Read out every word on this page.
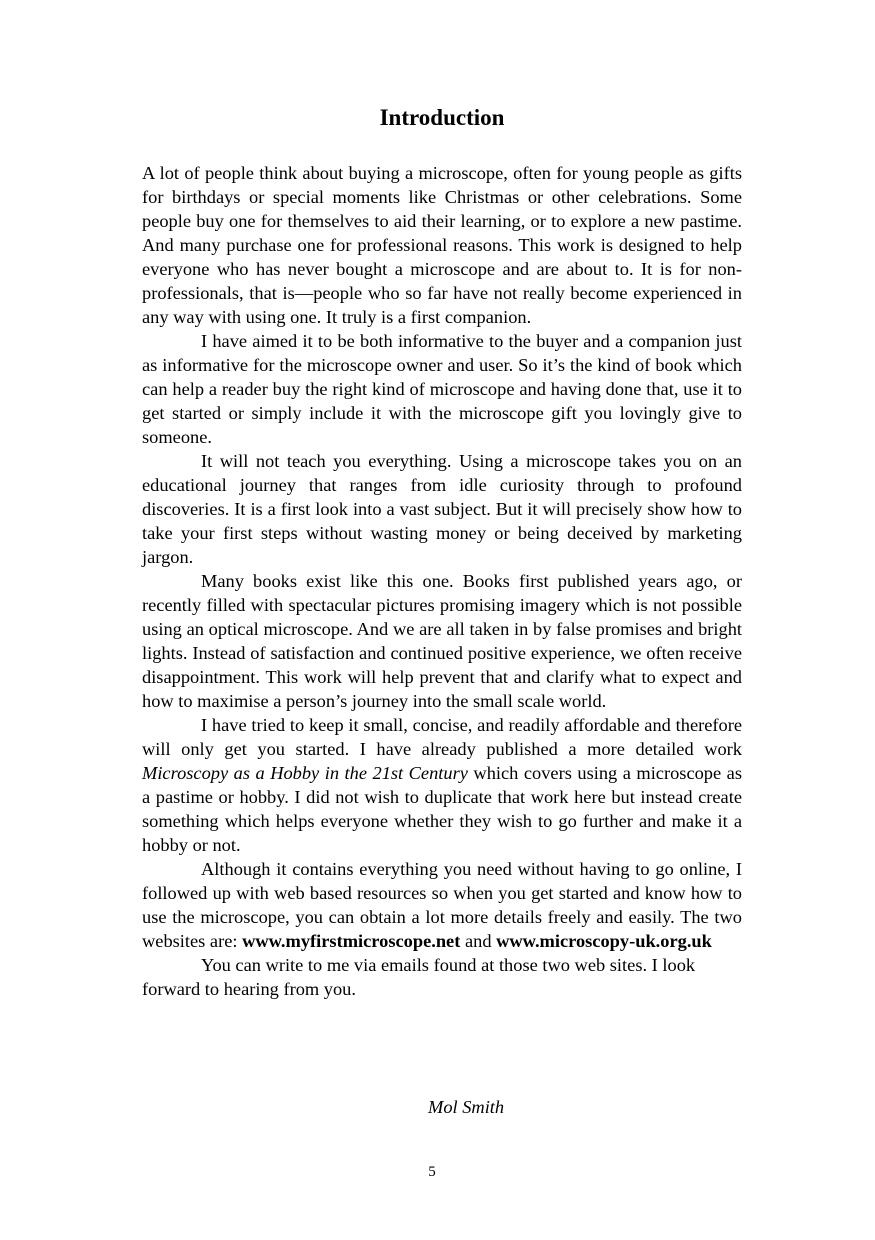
Introduction

A lot of people think about buying a microscope, often for young people as gifts for birthdays or special moments like Christmas or other celebrations. Some people buy one for themselves to aid their learning, or to explore a new pastime. And many purchase one for professional reasons. This work is designed to help everyone who has never bought a microscope and are about to. It is for non-professionals, that is—people who so far have not really become experienced in any way with using one. It truly is a first companion.

I have aimed it to be both informative to the buyer and a companion just as informative for the microscope owner and user. So it’s the kind of book which can help a reader buy the right kind of microscope and having done that, use it to get started or simply include it with the microscope gift you lovingly give to someone.

It will not teach you everything. Using a microscope takes you on an educational journey that ranges from idle curiosity through to profound discoveries. It is a first look into a vast subject. But it will precisely show how to take your first steps without wasting money or being deceived by marketing jargon.

Many books exist like this one. Books first published years ago, or recently filled with spectacular pictures promising imagery which is not possible using an optical microscope. And we are all taken in by false promises and bright lights. Instead of satisfaction and continued positive experience, we often receive disappointment. This work will help prevent that and clarify what to expect and how to maximise a person’s journey into the small scale world.

I have tried to keep it small, concise, and readily affordable and therefore will only get you started. I have already published a more detailed work Microscopy as a Hobby in the 21st Century which covers using a microscope as a pastime or hobby. I did not wish to duplicate that work here but instead create something which helps everyone whether they wish to go further and make it a hobby or not.

Although it contains everything you need without having to go online, I followed up with web based resources so when you get started and know how to use the microscope, you can obtain a lot more details freely and easily. The two websites are: www.myfirstmicroscope.net and www.microscopy-uk.org.uk

You can write to me via emails found at those two web sites. I look forward to hearing from you.

Mol Smith
5
